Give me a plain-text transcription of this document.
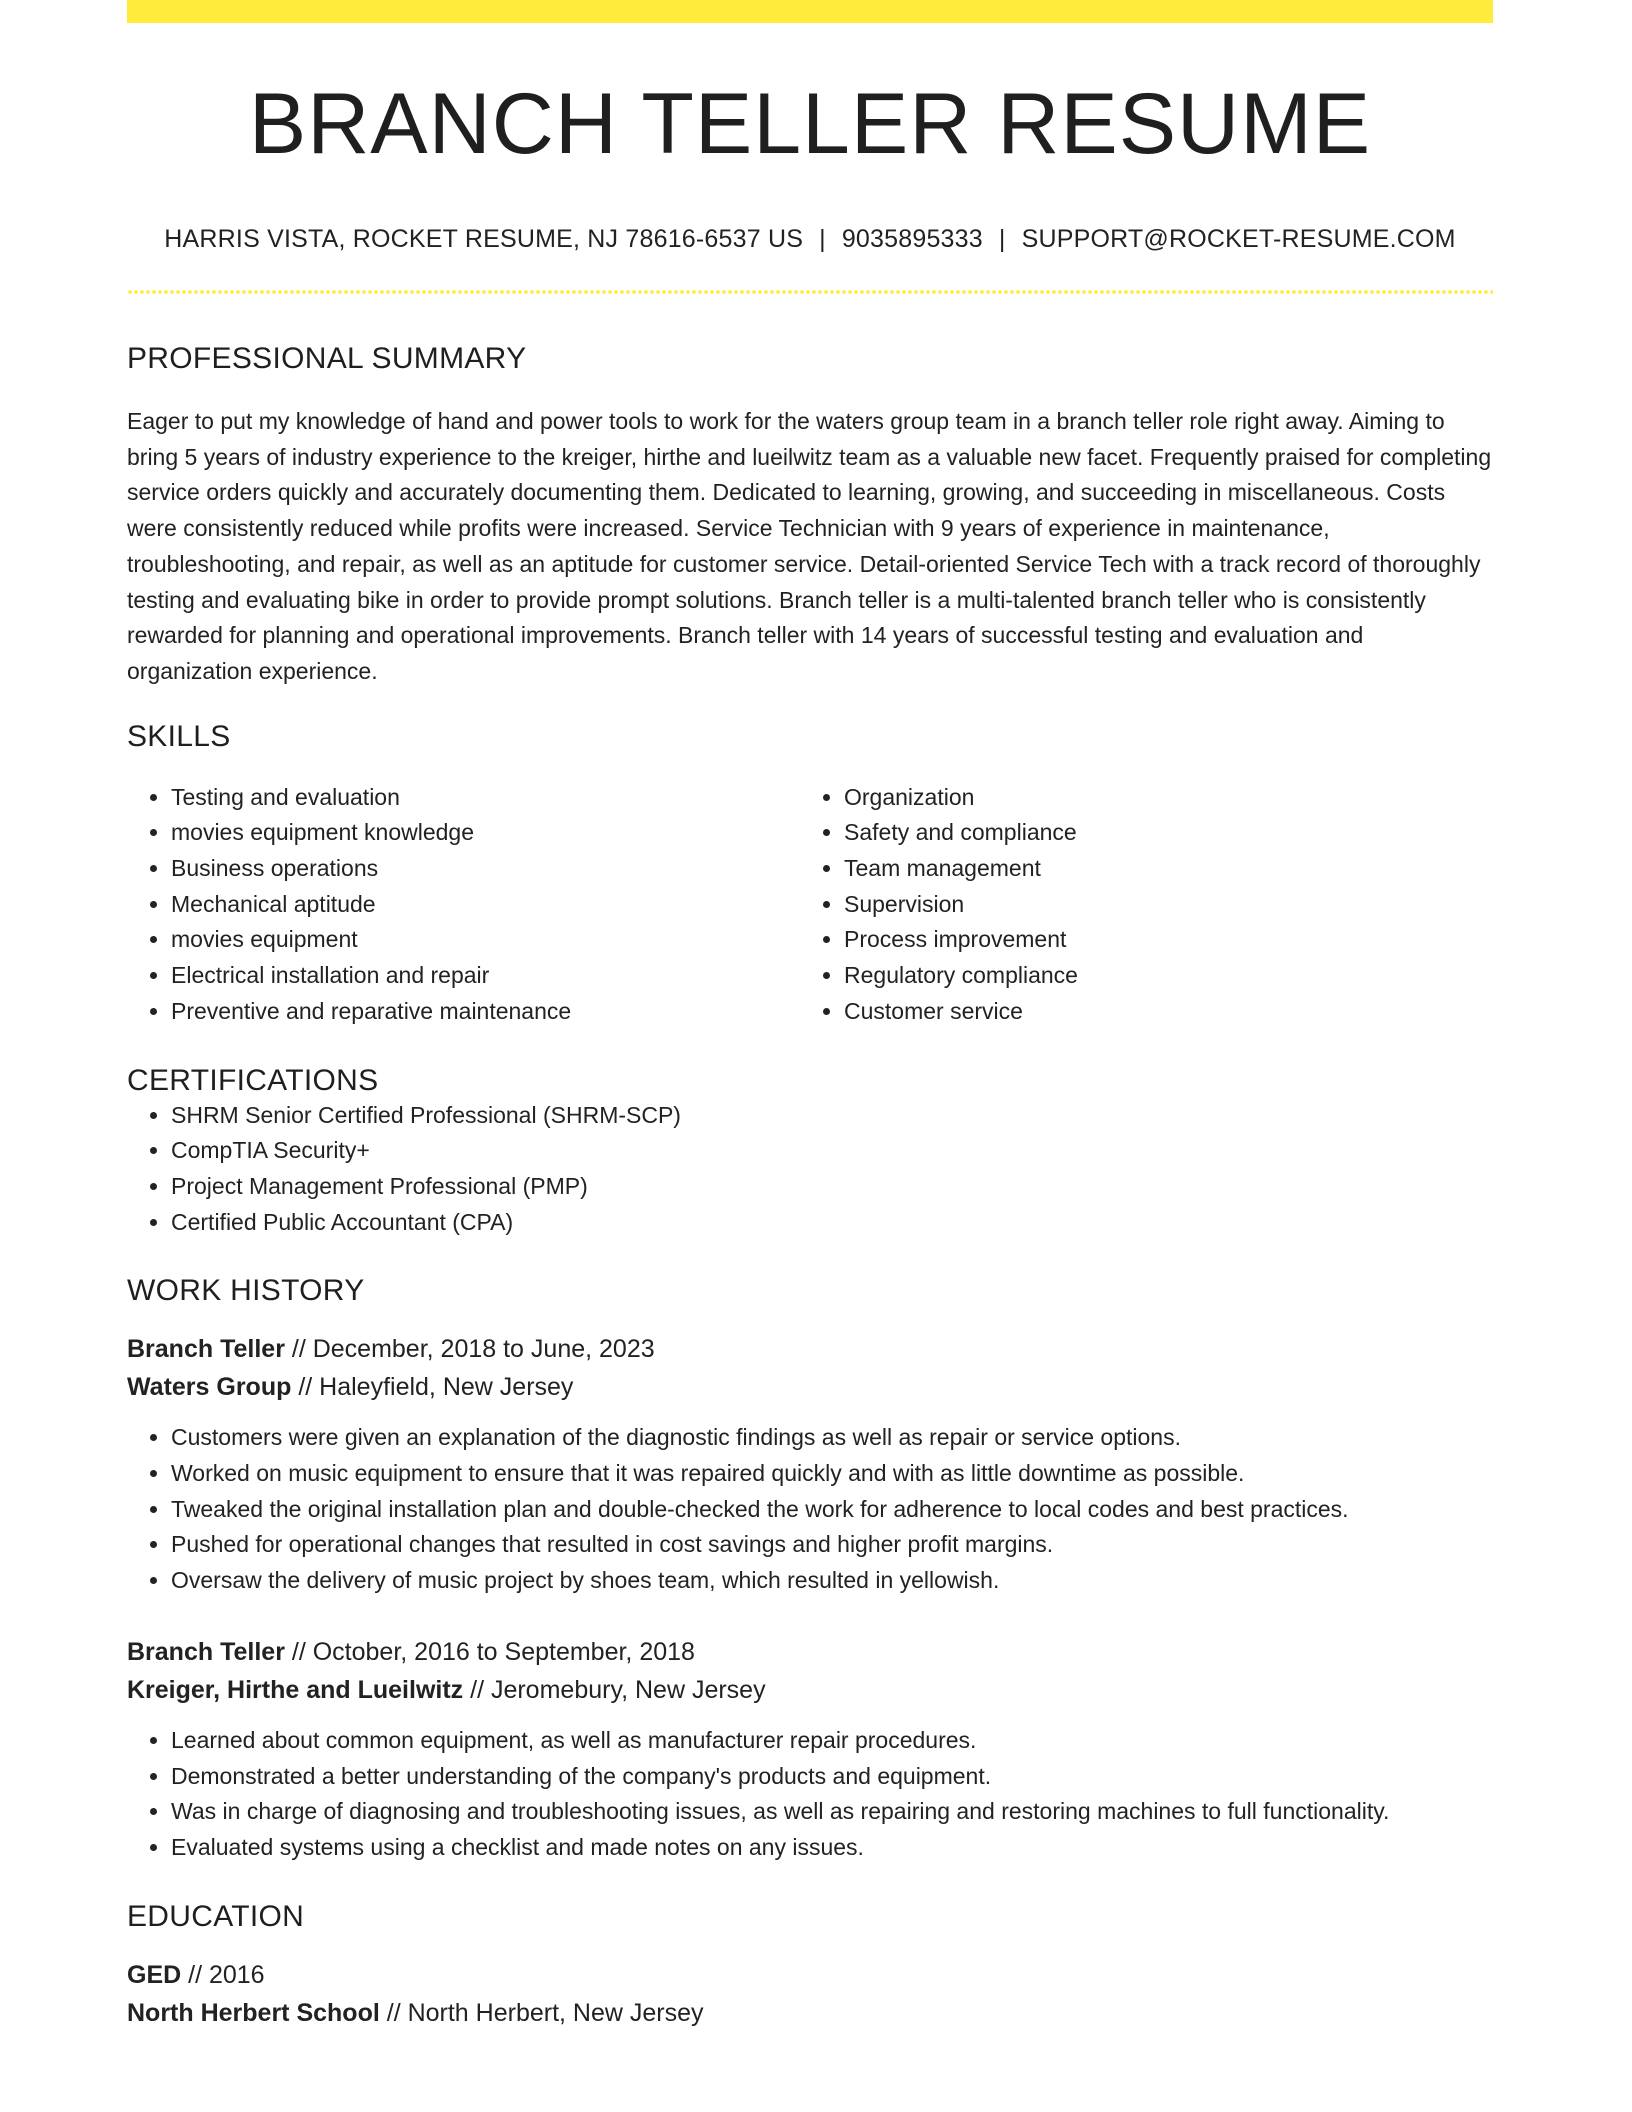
BRANCH TELLER RESUME
HARRIS VISTA, ROCKET RESUME, NJ 78616-6537 US | 9035895333 | SUPPORT@ROCKET-RESUME.COM
PROFESSIONAL SUMMARY

Eager to put my knowledge of hand and power tools to work for the waters group team in a branch teller role right away. Aiming to bring 5 years of industry experience to the kreiger, hirthe and lueilwitz team as a valuable new facet. Frequently praised for completing service orders quickly and accurately documenting them. Dedicated to learning, growing, and succeeding in miscellaneous. Costs were consistently reduced while profits were increased. Service Technician with 9 years of experience in maintenance, troubleshooting, and repair, as well as an aptitude for customer service. Detail-oriented Service Tech with a track record of thoroughly testing and evaluating bike in order to provide prompt solutions. Branch teller is a multi-talented branch teller who is consistently rewarded for planning and operational improvements. Branch teller with 14 years of successful testing and evaluation and organization experience.

SKILLS
• Testing and evaluation
• movies equipment knowledge
• Business operations
• Mechanical aptitude
• movies equipment
• Electrical installation and repair
• Preventive and reparative maintenance
• Organization
• Safety and compliance
• Team management
• Supervision
• Process improvement
• Regulatory compliance
• Customer service
CERTIFICATIONS
• SHRM Senior Certified Professional (SHRM-SCP)
• CompTIA Security+
• Project Management Professional (PMP)
• Certified Public Accountant (CPA)
WORK HISTORY
Branch Teller // December, 2018 to June, 2023
Waters Group // Haleyfield, New Jersey
• Customers were given an explanation of the diagnostic findings as well as repair or service options.
• Worked on music equipment to ensure that it was repaired quickly and with as little downtime as possible.
• Tweaked the original installation plan and double-checked the work for adherence to local codes and best practices.
• Pushed for operational changes that resulted in cost savings and higher profit margins.
• Oversaw the delivery of music project by shoes team, which resulted in yellowish.
Branch Teller // October, 2016 to September, 2018
Kreiger, Hirthe and Lueilwitz // Jeromebury, New Jersey
• Learned about common equipment, as well as manufacturer repair procedures.
• Demonstrated a better understanding of the company's products and equipment.
• Was in charge of diagnosing and troubleshooting issues, as well as repairing and restoring machines to full functionality.
• Evaluated systems using a checklist and made notes on any issues.
EDUCATION
GED // 2016
North Herbert School // North Herbert, New Jersey
